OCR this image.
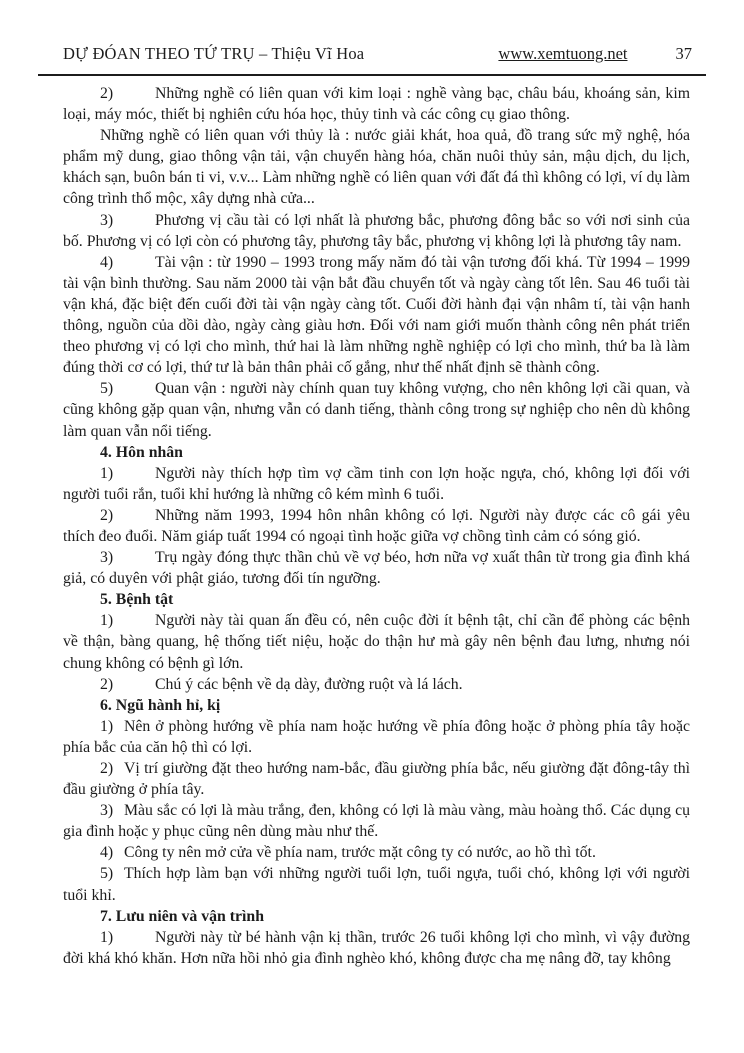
DỰ ĐÓAN THEO TỨ TRỤ – Thiệu Vĩ Hoa	www.xemtuong.net	37

2)	Những nghề có liên quan với kim loại : nghề vàng bạc, châu báu, khoáng sản, kim loại, máy móc, thiết bị nghiên cứu hóa học, thủy tinh và các công cụ giao thông.

Những nghề có liên quan với thủy là : nước giải khát, hoa quả, đồ trang sức mỹ nghệ, hóa phẩm mỹ dung, giao thông vận tải, vận chuyển hàng hóa, chăn nuôi thủy sản, mậu dịch, du lịch, khách sạn, buôn bán ti vi, v.v... Làm những nghề có liên quan với đất đá thì không có lợi, ví dụ làm công trình thổ mộc, xây dựng nhà cửa...

3)	Phương vị cầu tài có lợi nhất là phương bắc, phương đông bắc so với nơi sinh của bố. Phương vị có lợi còn có phương tây, phương tây bắc, phương vị không lợi là phương tây nam.

4)	Tài vận : từ 1990 – 1993 trong mấy năm đó tài vận tương đối khá. Từ 1994 – 1999 tài vận bình thường. Sau năm 2000 tài vận bắt đầu chuyển tốt và ngày càng tốt lên. Sau 46 tuổi tài vận khá, đặc biệt đến cuối đời tài vận ngày càng tốt. Cuối đời hành đại vận nhâm tí, tài vận hanh thông, nguồn của dồi dào, ngày càng giàu hơn. Đối với nam giới muốn thành công nên phát triển theo phương vị có lợi cho mình, thứ hai là làm những nghề nghiệp có lợi cho mình, thứ ba là làm đúng thời cơ có lợi, thứ tư là bản thân phải cố gắng, như thế nhất định sẽ thành công.

5)	Quan vận : người này chính quan tuy không vượng, cho nên không lợi cầi quan, và cũng không gặp quan vận, nhưng vẫn có danh tiếng, thành công trong sự nghiệp cho nên dù không làm quan vẫn nổi tiếng.

4. Hôn nhân

1)	Người này thích hợp tìm vợ cầm tinh con lợn hoặc ngựa, chó, không lợi đối với người tuổi rắn, tuổi khỉ hướng là những cô kém mình 6 tuổi.

2)	Những năm 1993, 1994 hôn nhân không có lợi. Người này được các cô gái yêu thích đeo đuổi. Năm giáp tuất 1994 có ngoại tình hoặc giữa vợ chồng tình cảm có sóng gió.

3)	Trụ ngày đóng thực thần chủ về vợ béo, hơn nữa vợ xuất thân từ trong gia đình khá giả, có duyên với phật giáo, tương đối tín ngưỡng.

5. Bệnh tật

1)	Người này tài quan ấn đều có, nên cuộc đời ít bệnh tật, chỉ cần để phòng các bệnh về thận, bàng quang, hệ thống tiết niệu, hoặc do thận hư mà gây nên bệnh đau lưng, nhưng nói chung không có bệnh gì lớn.

2)	Chú ý các bệnh về dạ dày, đường ruột và lá lách.

6. Ngũ hành hỉ, kị

1) Nên ở phòng hướng về phía nam hoặc hướng về phía đông hoặc ở phòng phía tây hoặc phía bắc của căn hộ thì có lợi.

2) Vị trí giường đặt theo hướng nam-bắc, đầu giường phía bắc, nếu giường đặt đông-tây thì đầu giường ở phía tây.

3) Màu sắc có lợi là màu trắng, đen, không có lợi là màu vàng, màu hoàng thổ. Các dụng cụ gia đình hoặc y phục cũng nên dùng màu như thế.

4) Công ty nên mở cửa về phía nam, trước mặt công ty có nước, ao hồ thì tốt.

5) Thích hợp làm bạn với những người tuổi lợn, tuổi ngựa, tuổi chó, không lợi với người tuổi khỉ.

7. Lưu niên và vận trình

1)	Người này từ bé hành vận kị thần, trước 26 tuổi không lợi cho mình, vì vậy đường đời khá khó khăn. Hơn nữa hồi nhỏ gia đình nghèo khó, không được cha mẹ nâng đỡ, tay không
